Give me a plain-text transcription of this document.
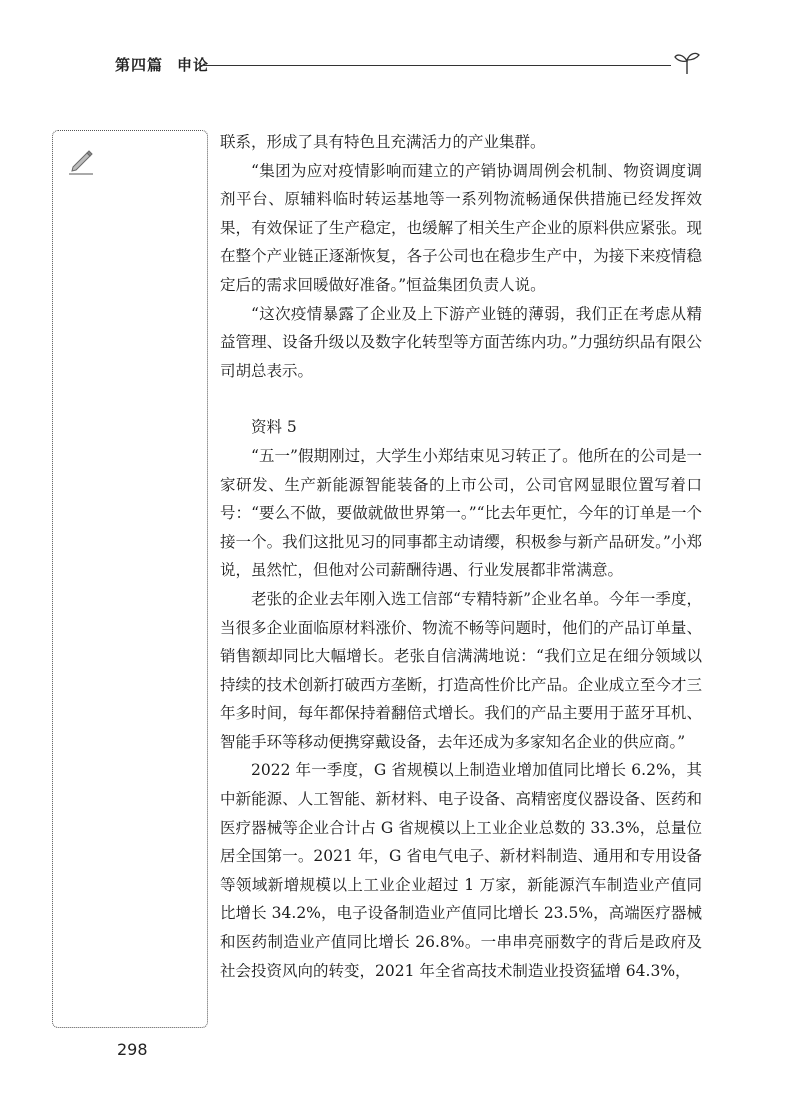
第四篇 申论

联系，形成了具有特色且充满活力的产业集群。

“集团为应对疫情影响而建立的产销协调周例会机制、物资调度调剂平台、原辅料临时转运基地等一系列物流畅通保供措施已经发挥效果，有效保证了生产稳定，也缓解了相关生产企业的原料供应紧张。现在整个产业链正逐渐恢复，各子公司也在稳步生产中，为接下来疫情稳定后的需求回暖做好准备。”恒益集团负责人说。

“这次疫情暴露了企业及上下游产业链的薄弱，我们正在考虑从精益管理、设备升级以及数字化转型等方面苦练内功。”力强纺织品有限公司胡总表示。

资料 5

“五一”假期刚过，大学生小郑结束见习转正了。他所在的公司是一家研发、生产新能源智能装备的上市公司，公司官网显眼位置写着口号：“要么不做，要做就做世界第一。”“比去年更忙，今年的订单是一个接一个。我们这批见习的同事都主动请缨，积极参与新产品研发。”小郑说，虽然忙，但他对公司薪酬待遇、行业发展都非常满意。

老张的企业去年刚入选工信部“专精特新”企业名单。今年一季度，当很多企业面临原材料涨价、物流不畅等问题时，他们的产品订单量、销售额却同比大幅增长。老张自信满满地说：“我们立足在细分领域以持续的技术创新打破西方垄断，打造高性价比产品。企业成立至今才三年多时间，每年都保持着翻倍式增长。我们的产品主要用于蓝牙耳机、智能手环等移动便携穿戴设备，去年还成为多家知名企业的供应商。”

2022 年一季度，G 省规模以上制造业增加值同比增长 6.2%，其中新能源、人工智能、新材料、电子设备、高精密度仪器设备、医药和医疗器械等企业合计占 G 省规模以上工业企业总数的 33.3%，总量位居全国第一。2021 年，G 省电气电子、新材料制造、通用和专用设备等领域新增规模以上工业企业超过 1 万家，新能源汽车制造业产值同比增长 34.2%，电子设备制造业产值同比增长 23.5%，高端医疗器械和医药制造业产值同比增长 26.8%。一串串亮丽数字的背后是政府及社会投资风向的转变，2021 年全省高技术制造业投资猛增 64.3%，

298
